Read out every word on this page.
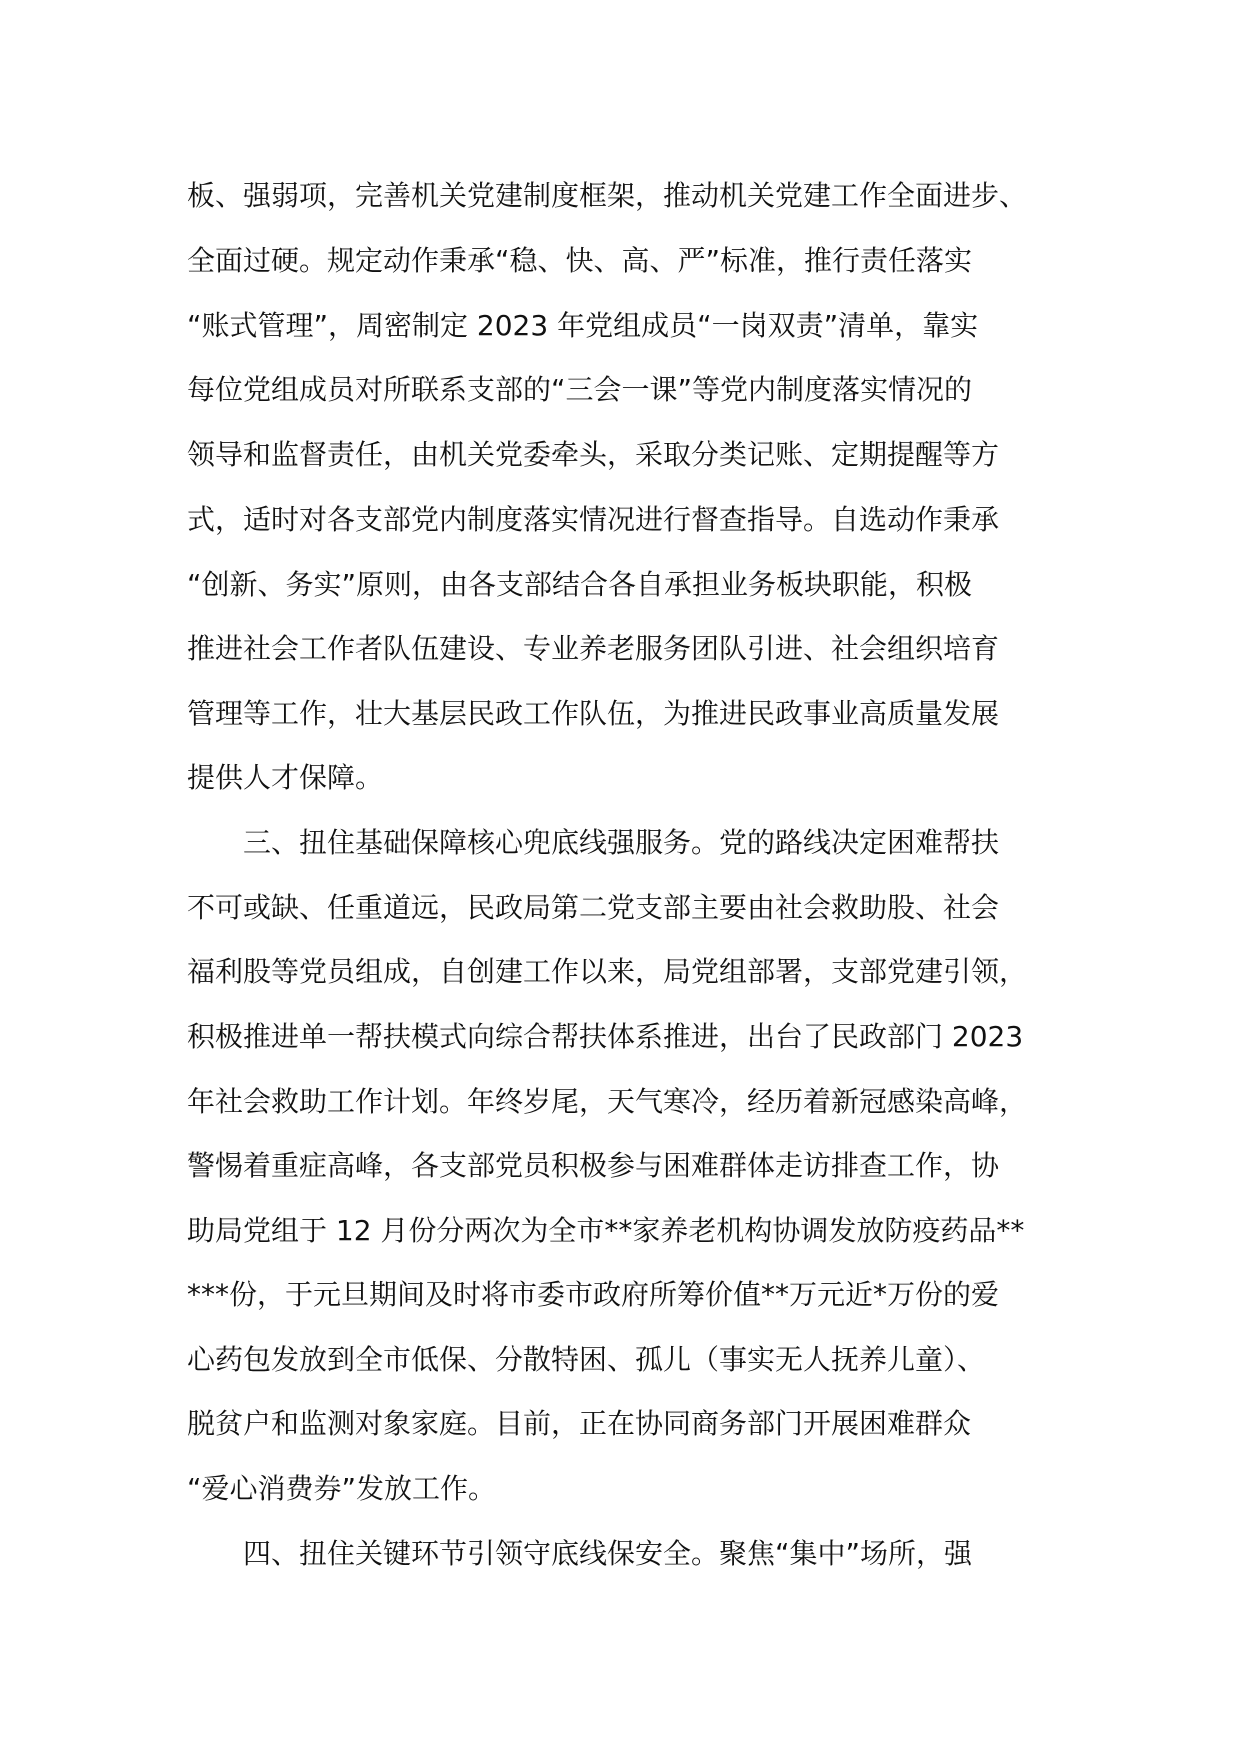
板、强弱项，完善机关党建制度框架，推动机关党建工作全面进步、
全面过硬。规定动作秉承“稳、快、高、严”标准，推行责任落实
“账式管理”，周密制定 2023 年党组成员“一岗双责”清单，靠实
每位党组成员对所联系支部的“三会一课”等党内制度落实情况的
领导和监督责任，由机关党委牵头，采取分类记账、定期提醒等方
式，适时对各支部党内制度落实情况进行督查指导。自选动作秉承
“创新、务实”原则，由各支部结合各自承担业务板块职能，积极
推进社会工作者队伍建设、专业养老服务团队引进、社会组织培育
管理等工作，壮大基层民政工作队伍，为推进民政事业高质量发展
提供人才保障。
三、扭住基础保障核心兜底线强服务。党的路线决定困难帮扶
不可或缺、任重道远，民政局第二党支部主要由社会救助股、社会
福利股等党员组成，自创建工作以来，局党组部署，支部党建引领，
积极推进单一帮扶模式向综合帮扶体系推进，出台了民政部门 2023
年社会救助工作计划。年终岁尾，天气寒冷，经历着新冠感染高峰，
警惕着重症高峰，各支部党员积极参与困难群体走访排查工作，协
助局党组于 12 月份分两次为全市**家养老机构协调发放防疫药品**
***份，于元旦期间及时将市委市政府所筹价值**万元近*万份的爱
心药包发放到全市低保、分散特困、孤儿（事实无人抚养儿童）、
脱贫户和监测对象家庭。目前，正在协同商务部门开展困难群众
“爱心消费券”发放工作。
四、扭住关键环节引领守底线保安全。聚焦“集中”场所，强
